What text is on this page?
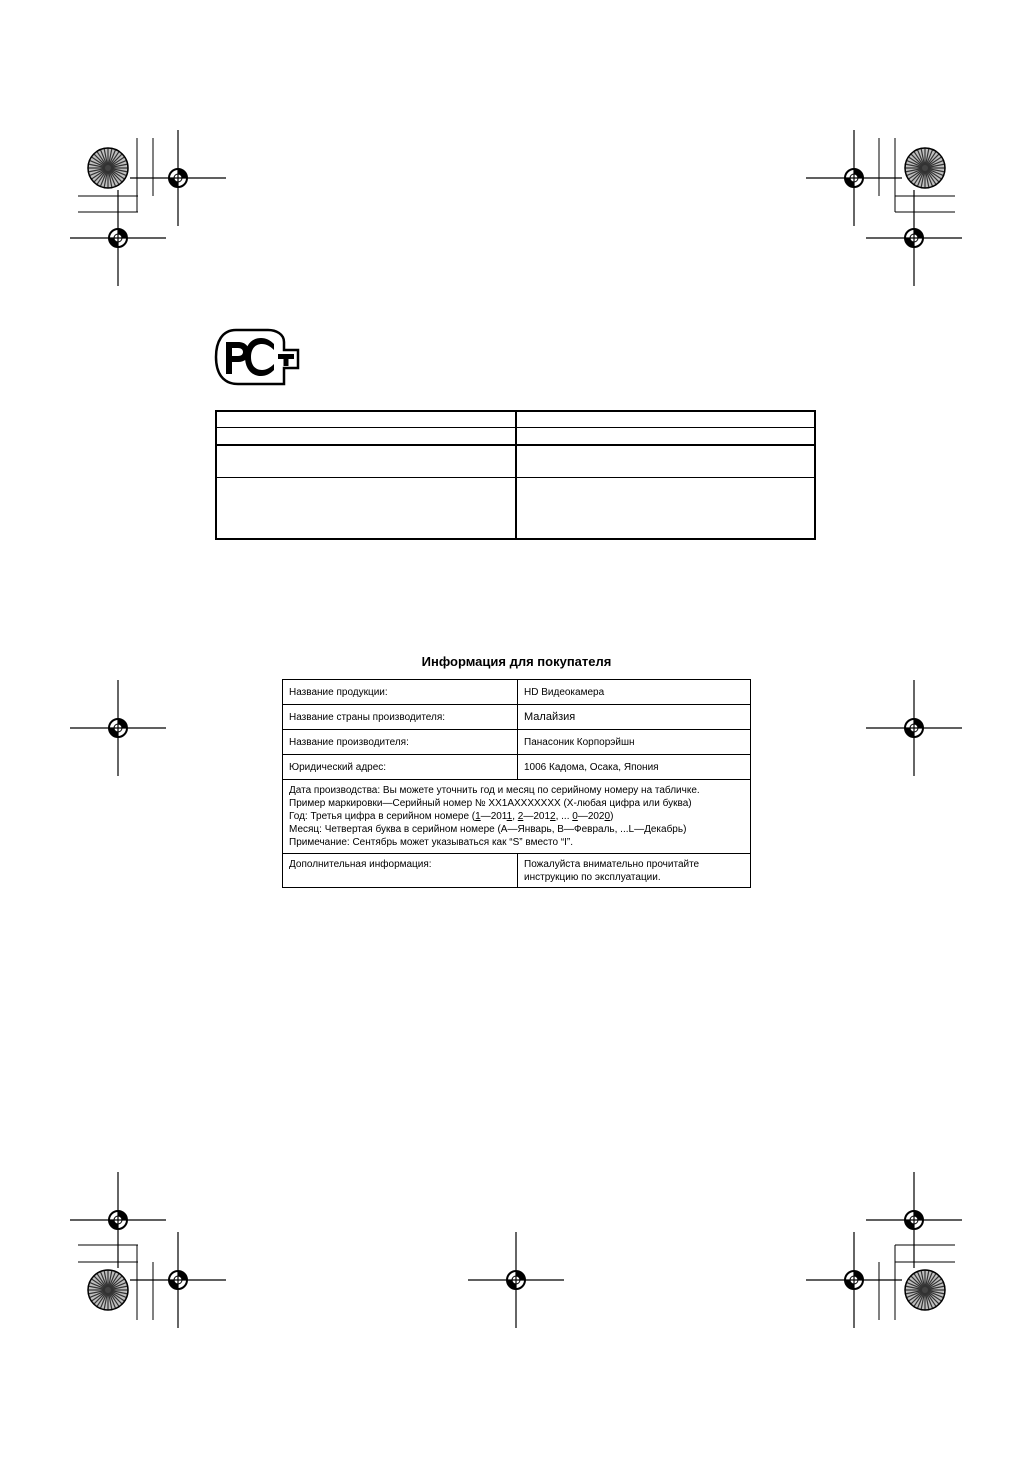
Информация для покупателя
Название продукции:	HD Видеокамера
Название страны производителя:	Малайзия
Название производителя:	Панасоник Корпорэйшн
Юридический адрес:	1006 Кадома, Осака, Япония

Дата производства: Вы можете уточнить год и месяц по серийному номеру на табличке.
Пример маркировки—Серийный номер № XX1AXXXXXXX (X-любая цифра или буква)
Год: Третья цифра в серийном номере (1—2011, 2—2012, ... 0—2020)
Месяц: Четвертая буква в серийном номере (A—Январь, B—Февраль, ...L—Декабрь)
Примечание: Сентябрь может указываться как “S” вместо “I”.	

Дополнительная информация:	Пожалуйста внимательно прочитайте
инструкцию по эксплуатации.
